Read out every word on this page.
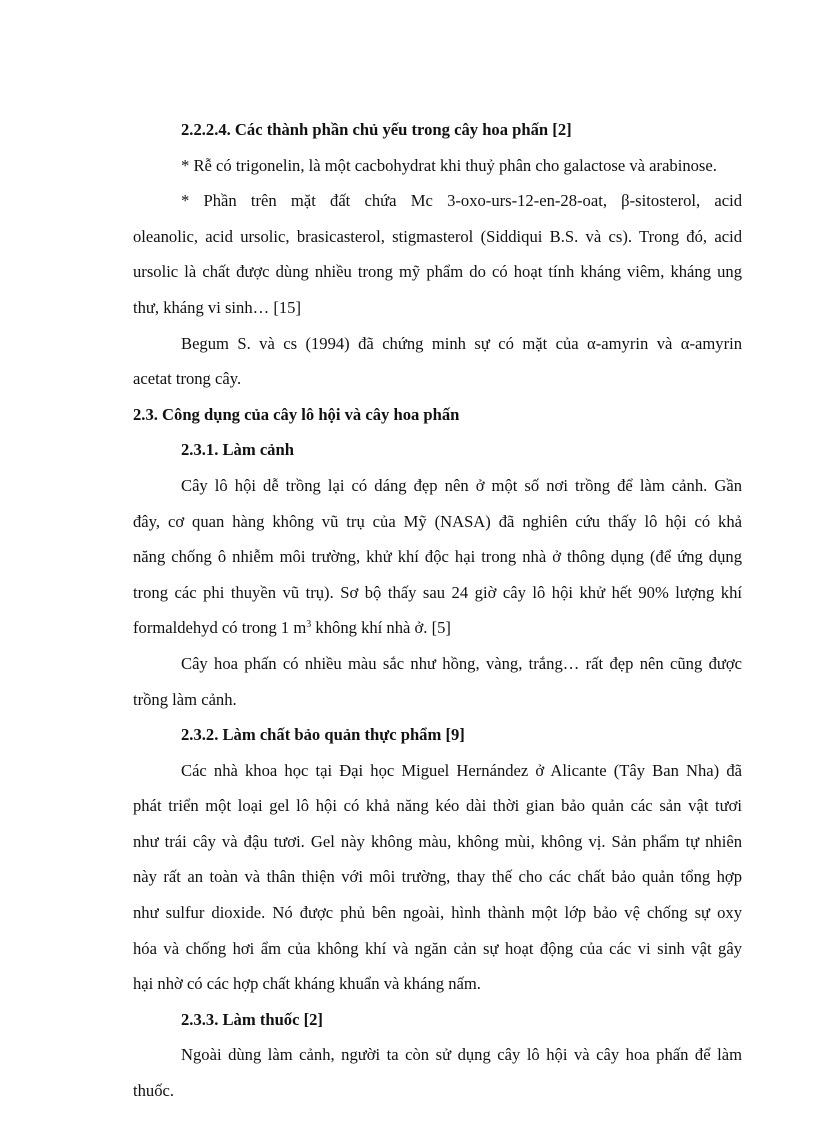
2.2.2.4. Các thành phần chủ yếu trong cây hoa phấn [2]
* Rễ có trigonelin, là một cacbohydrat khi thuỷ phân cho galactose và arabinose.
* Phần trên mặt đất chứa Mc 3-oxo-urs-12-en-28-oat, β-sitosterol, acid
oleanolic, acid ursolic, brasicasterol, stigmasterol (Siddiqui B.S. và cs). Trong đó, acid
ursolic là chất được dùng nhiều trong mỹ phẩm do có hoạt tính kháng viêm, kháng ung
thư, kháng vi sinh… [15]
Begum S. và cs (1994) đã chứng minh sự có mặt của α-amyrin và α-amyrin
acetat trong cây.
2.3. Công dụng của cây lô hội và cây hoa phấn
2.3.1. Làm cảnh
Cây lô hội dễ trồng lại có dáng đẹp nên ở một số nơi trồng để làm cảnh. Gần
đây, cơ quan hàng không vũ trụ của Mỹ (NASA) đã nghiên cứu thấy lô hội có khả
năng chống ô nhiễm môi trường, khử khí độc hại trong nhà ở thông dụng (để ứng dụng
trong các phi thuyền vũ trụ). Sơ bộ thấy sau 24 giờ cây lô hội khử hết 90% lượng khí
formaldehyd có trong 1 $m^3$ không khí nhà ở. [5]
Cây hoa phấn có nhiều màu sắc như hồng, vàng, trắng… rất đẹp nên cũng được
trồng làm cảnh.
2.3.2. Làm chất bảo quản thực phẩm [9]
Các nhà khoa học tại Đại học Miguel Hernández ở Alicante (Tây Ban Nha) đã
phát triển một loại gel lô hội có khả năng kéo dài thời gian bảo quản các sản vật tươi
như trái cây và đậu tươi. Gel này không màu, không mùi, không vị. Sản phẩm tự nhiên
này rất an toàn và thân thiện với môi trường, thay thế cho các chất bảo quản tổng hợp
như sulfur dioxide. Nó được phủ bên ngoài, hình thành một lớp bảo vệ chống sự oxy
hóa và chống hơi ẩm của không khí và ngăn cản sự hoạt động của các vi sinh vật gây
hại nhờ có các hợp chất kháng khuẩn và kháng nấm.
2.3.3. Làm thuốc [2]
Ngoài dùng làm cảnh, người ta còn sử dụng cây lô hội và cây hoa phấn để làm
thuốc.
